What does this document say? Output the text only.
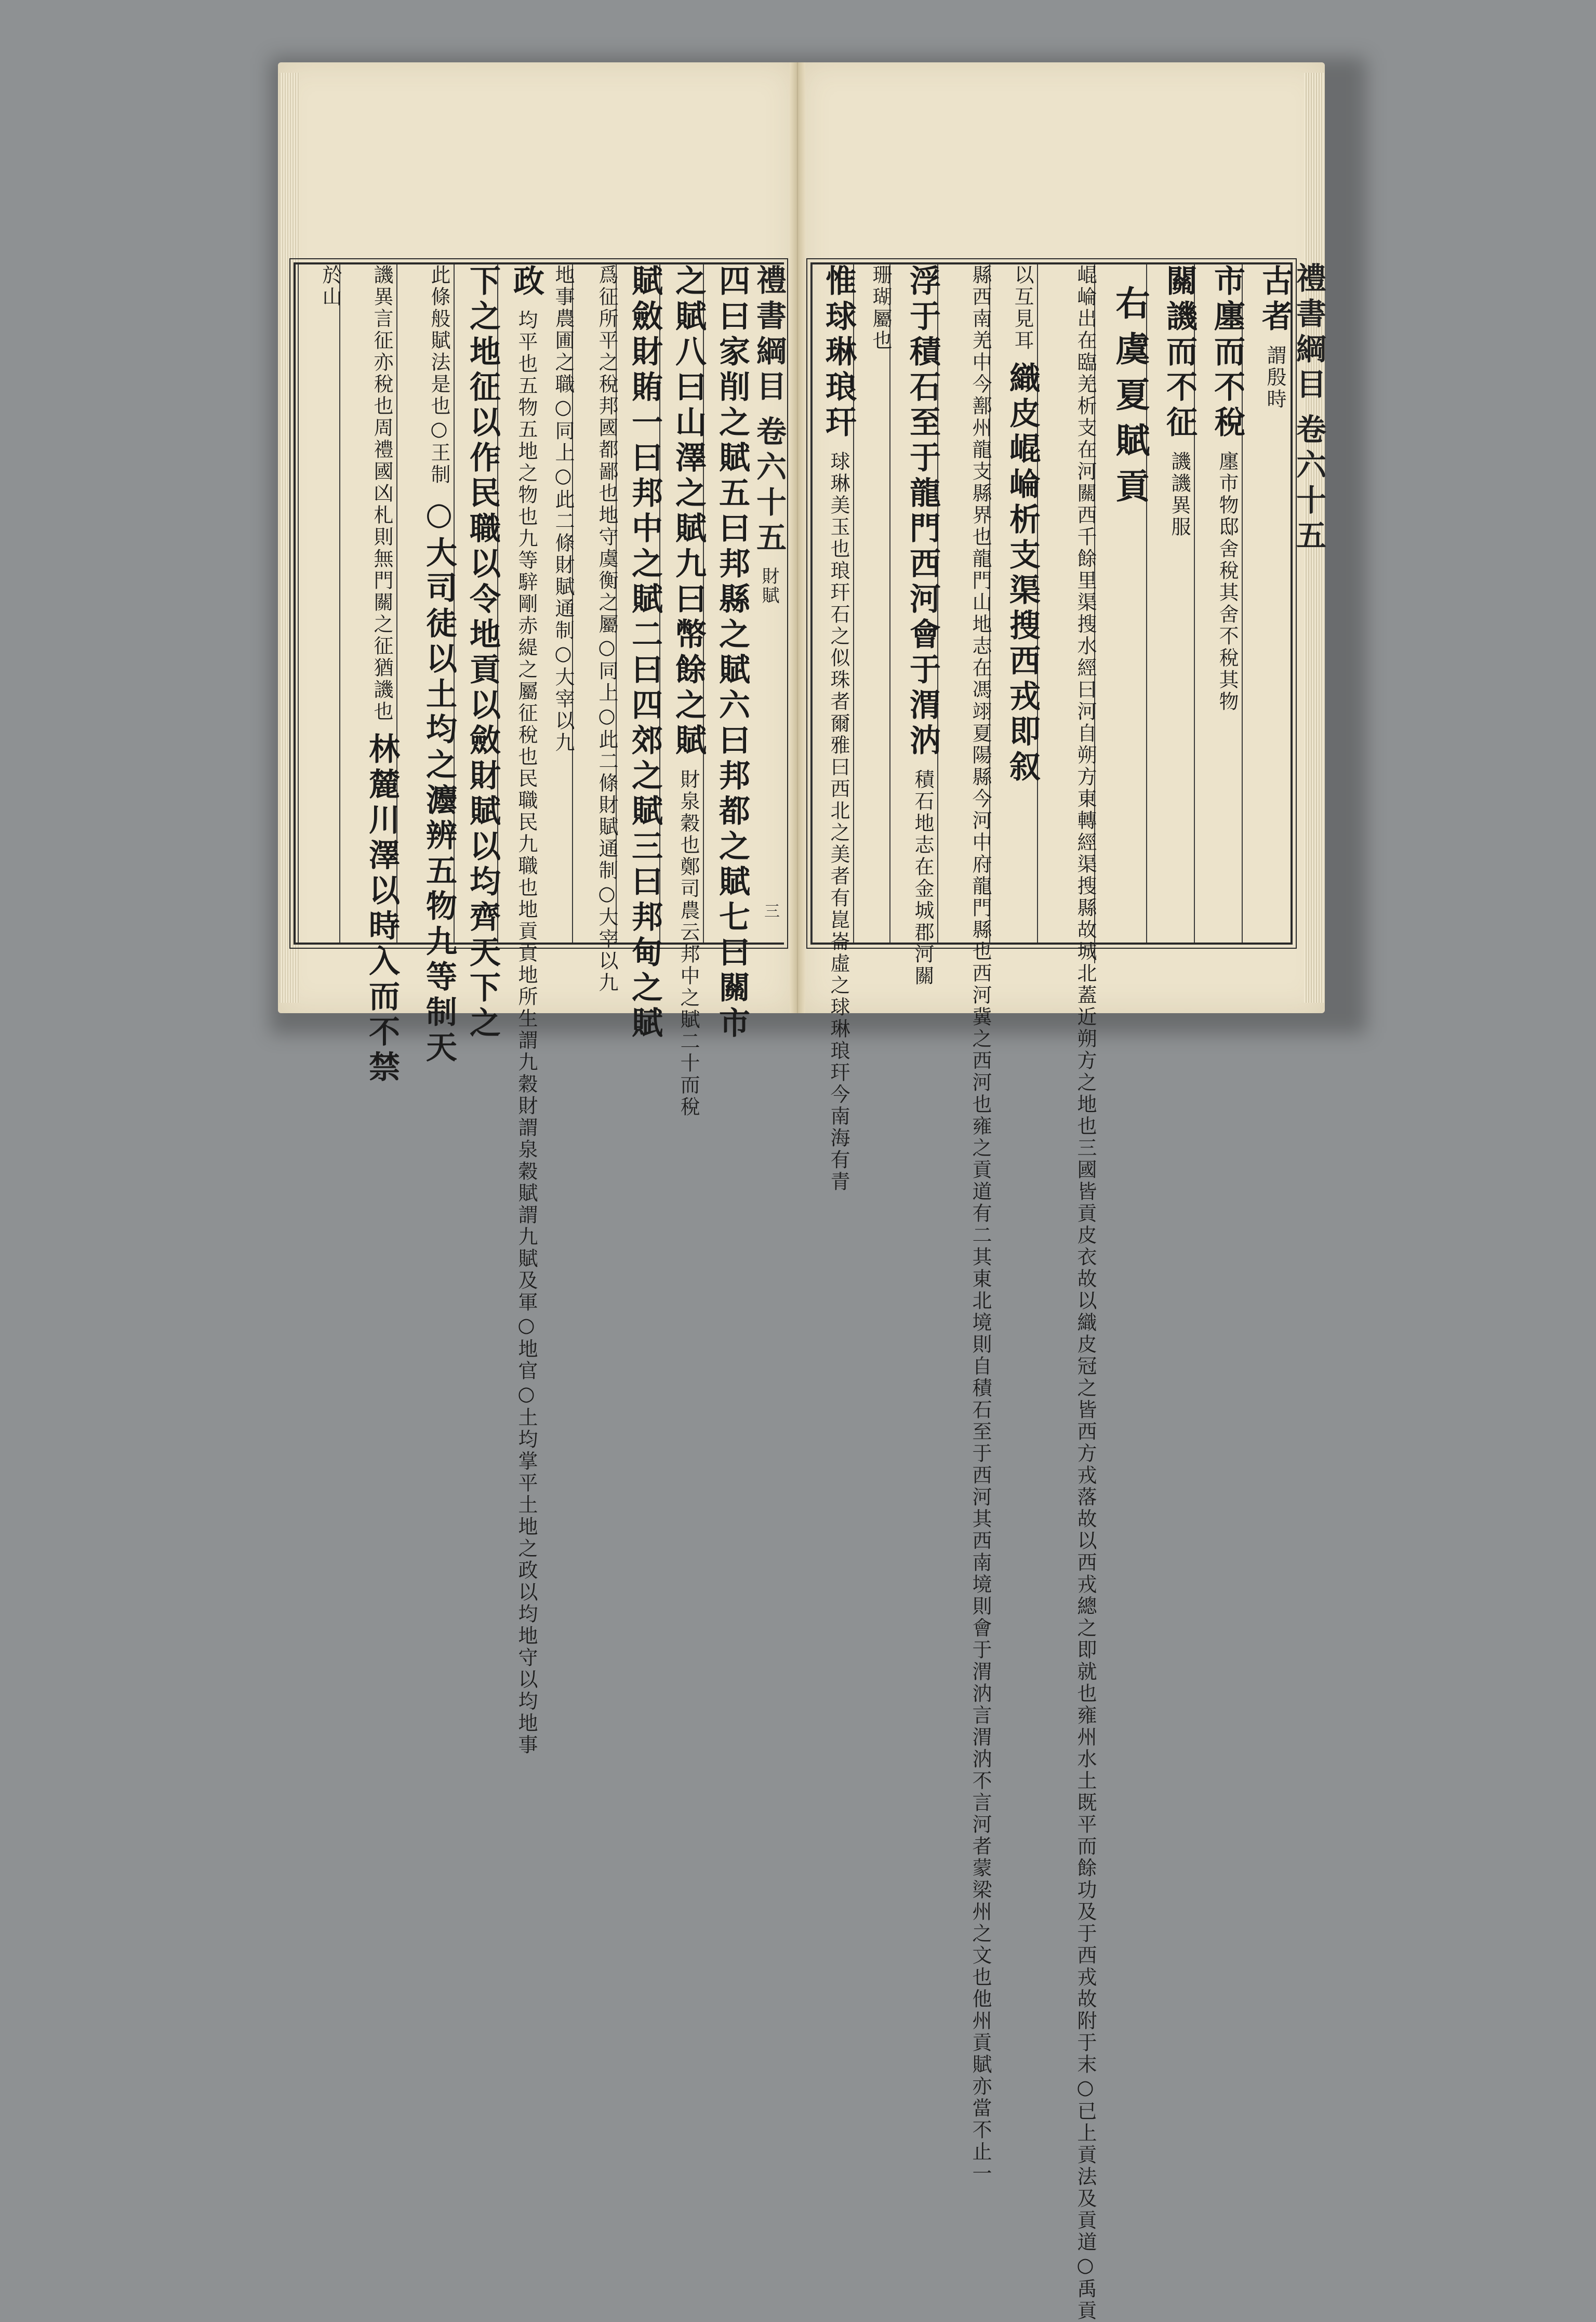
禮書綱目 卷六十五 財賦
四曰家削之賦五曰邦縣之賦六曰邦都之賦七曰關市
之賦八曰山澤之賦九曰幣餘之賦 財泉穀也鄭司農云邦中之賦二十而稅
賦斂財賄一曰邦中之賦二曰四郊之賦三曰邦甸之賦
爲征所平之稅邦國都鄙也地守虞衡之屬○同上○此二條財賦通制○大宰以九
地事農圃之職○同上○此二條財賦通制○大宰以九
政 均平也五物五地之物也九等騂剛赤緹之屬征稅也民職民九職也地貢貢地所生謂九穀財謂泉穀賦謂九賦及軍○地官○土均掌平土地之政以均地守以均地事
下之地征以作民職以令地貢以斂財賦以均齊天下之
此條般賦法是也○王制 ○大司徒以土均之灋辨五物九等制天
譏異言征亦稅也周禮國凶札則無門關之征猶譏也 林麓川澤以時入而不禁
於山
三
古者 謂殷時
市廛而不稅 廛市物邸舍稅其舍不稅其物
關譏而不征 譏譏異服
右虞夏賦貢
崐崘出在臨羌析支在河關西千餘里渠搜水經曰河自朔方東轉經渠搜縣故城北蓋近朔方之地也三國皆貢皮衣故以織皮冠之皆西方戎落故以西戎總之即就也雍州水土既平而餘功及于西戎故附于末○已上貢法及貢道○禹貢
以互見耳 織皮崐崘析支渠搜西戎即叙
縣西南羌中今鄯州龍支縣界也龍門山地志在馮翊夏陽縣今河中府龍門縣也西河冀之西河也雍之貢道有二其東北境則自積石至于西河其西南境則會于渭汭言渭汭不言河者蒙梁州之文也他州貢賦亦當不止一
浮于積石至于龍門西河會于渭汭 積石地志在金城郡河關
珊瑚屬也
惟球琳琅玕 球琳美玉也琅玕石之似珠者爾雅曰西北之美者有崑崙虛之球琳琅玕今南海有青
禮書綱目 卷六十五
